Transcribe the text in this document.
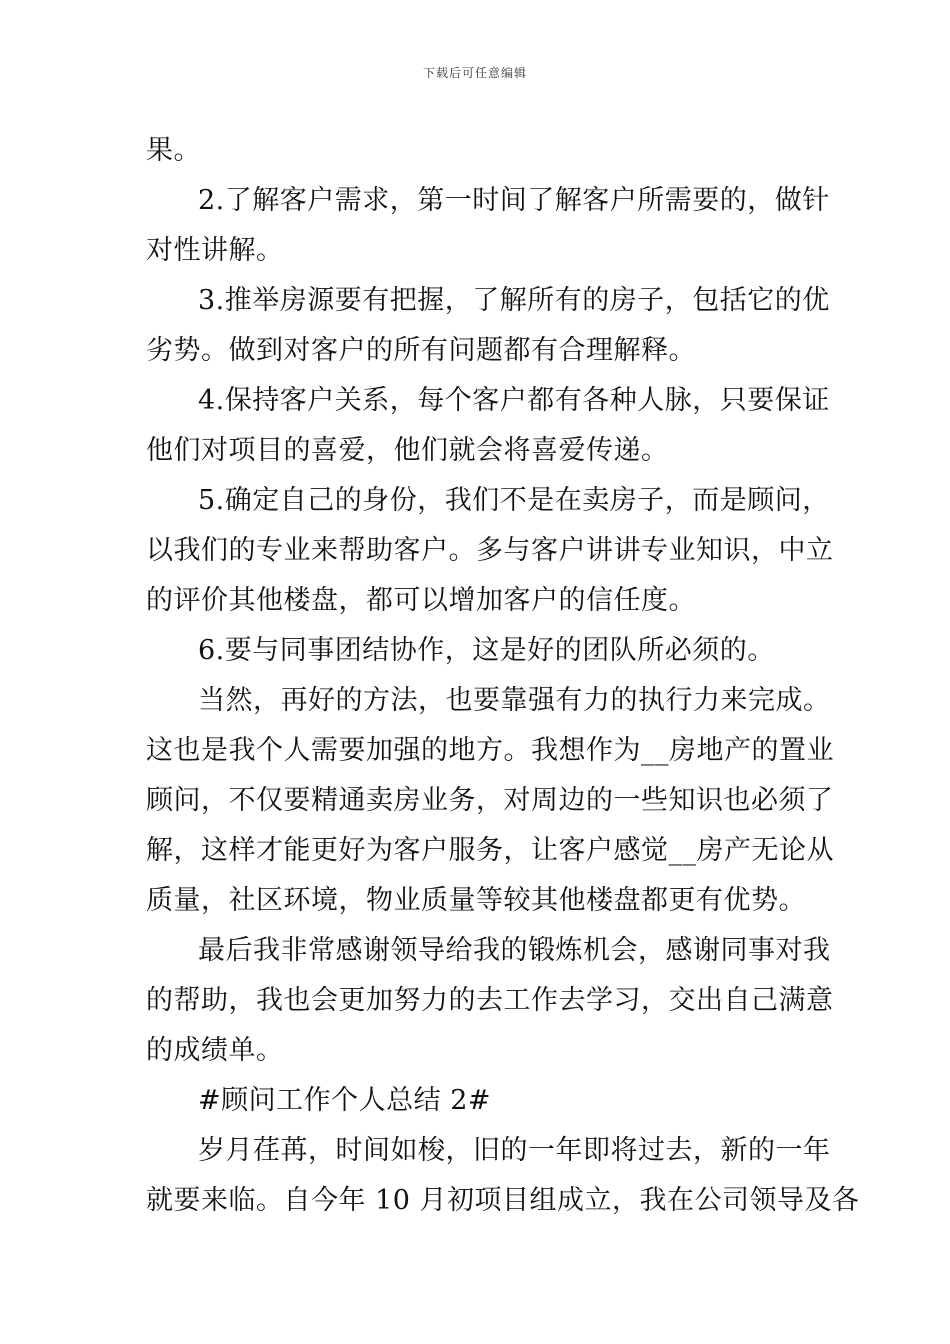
下载后可任意编辑
果。
2.了解客户需求，第一时间了解客户所需要的，做针
对性讲解。
3.推举房源要有把握，了解所有的房子，包括它的优
劣势。做到对客户的所有问题都有合理解释。
4.保持客户关系，每个客户都有各种人脉，只要保证
他们对项目的喜爱，他们就会将喜爱传递。
5.确定自己的身份，我们不是在卖房子，而是顾问，
以我们的专业来帮助客户。多与客户讲讲专业知识，中立
的评价其他楼盘，都可以增加客户的信任度。
6.要与同事团结协作，这是好的团队所必须的。
当然，再好的方法，也要靠强有力的执行力来完成。
这也是我个人需要加强的地方。我想作为__房地产的置业
顾问，不仅要精通卖房业务，对周边的一些知识也必须了
解，这样才能更好为客户服务，让客户感觉__房产无论从
质量，社区环境，物业质量等较其他楼盘都更有优势。
最后我非常感谢领导给我的锻炼机会，感谢同事对我
的帮助，我也会更加努力的去工作去学习，交出自己满意
的成绩单。
#顾问工作个人总结 2#
岁月荏苒，时间如梭，旧的一年即将过去，新的一年
就要来临。自今年 10 月初项目组成立，我在公司领导及各
